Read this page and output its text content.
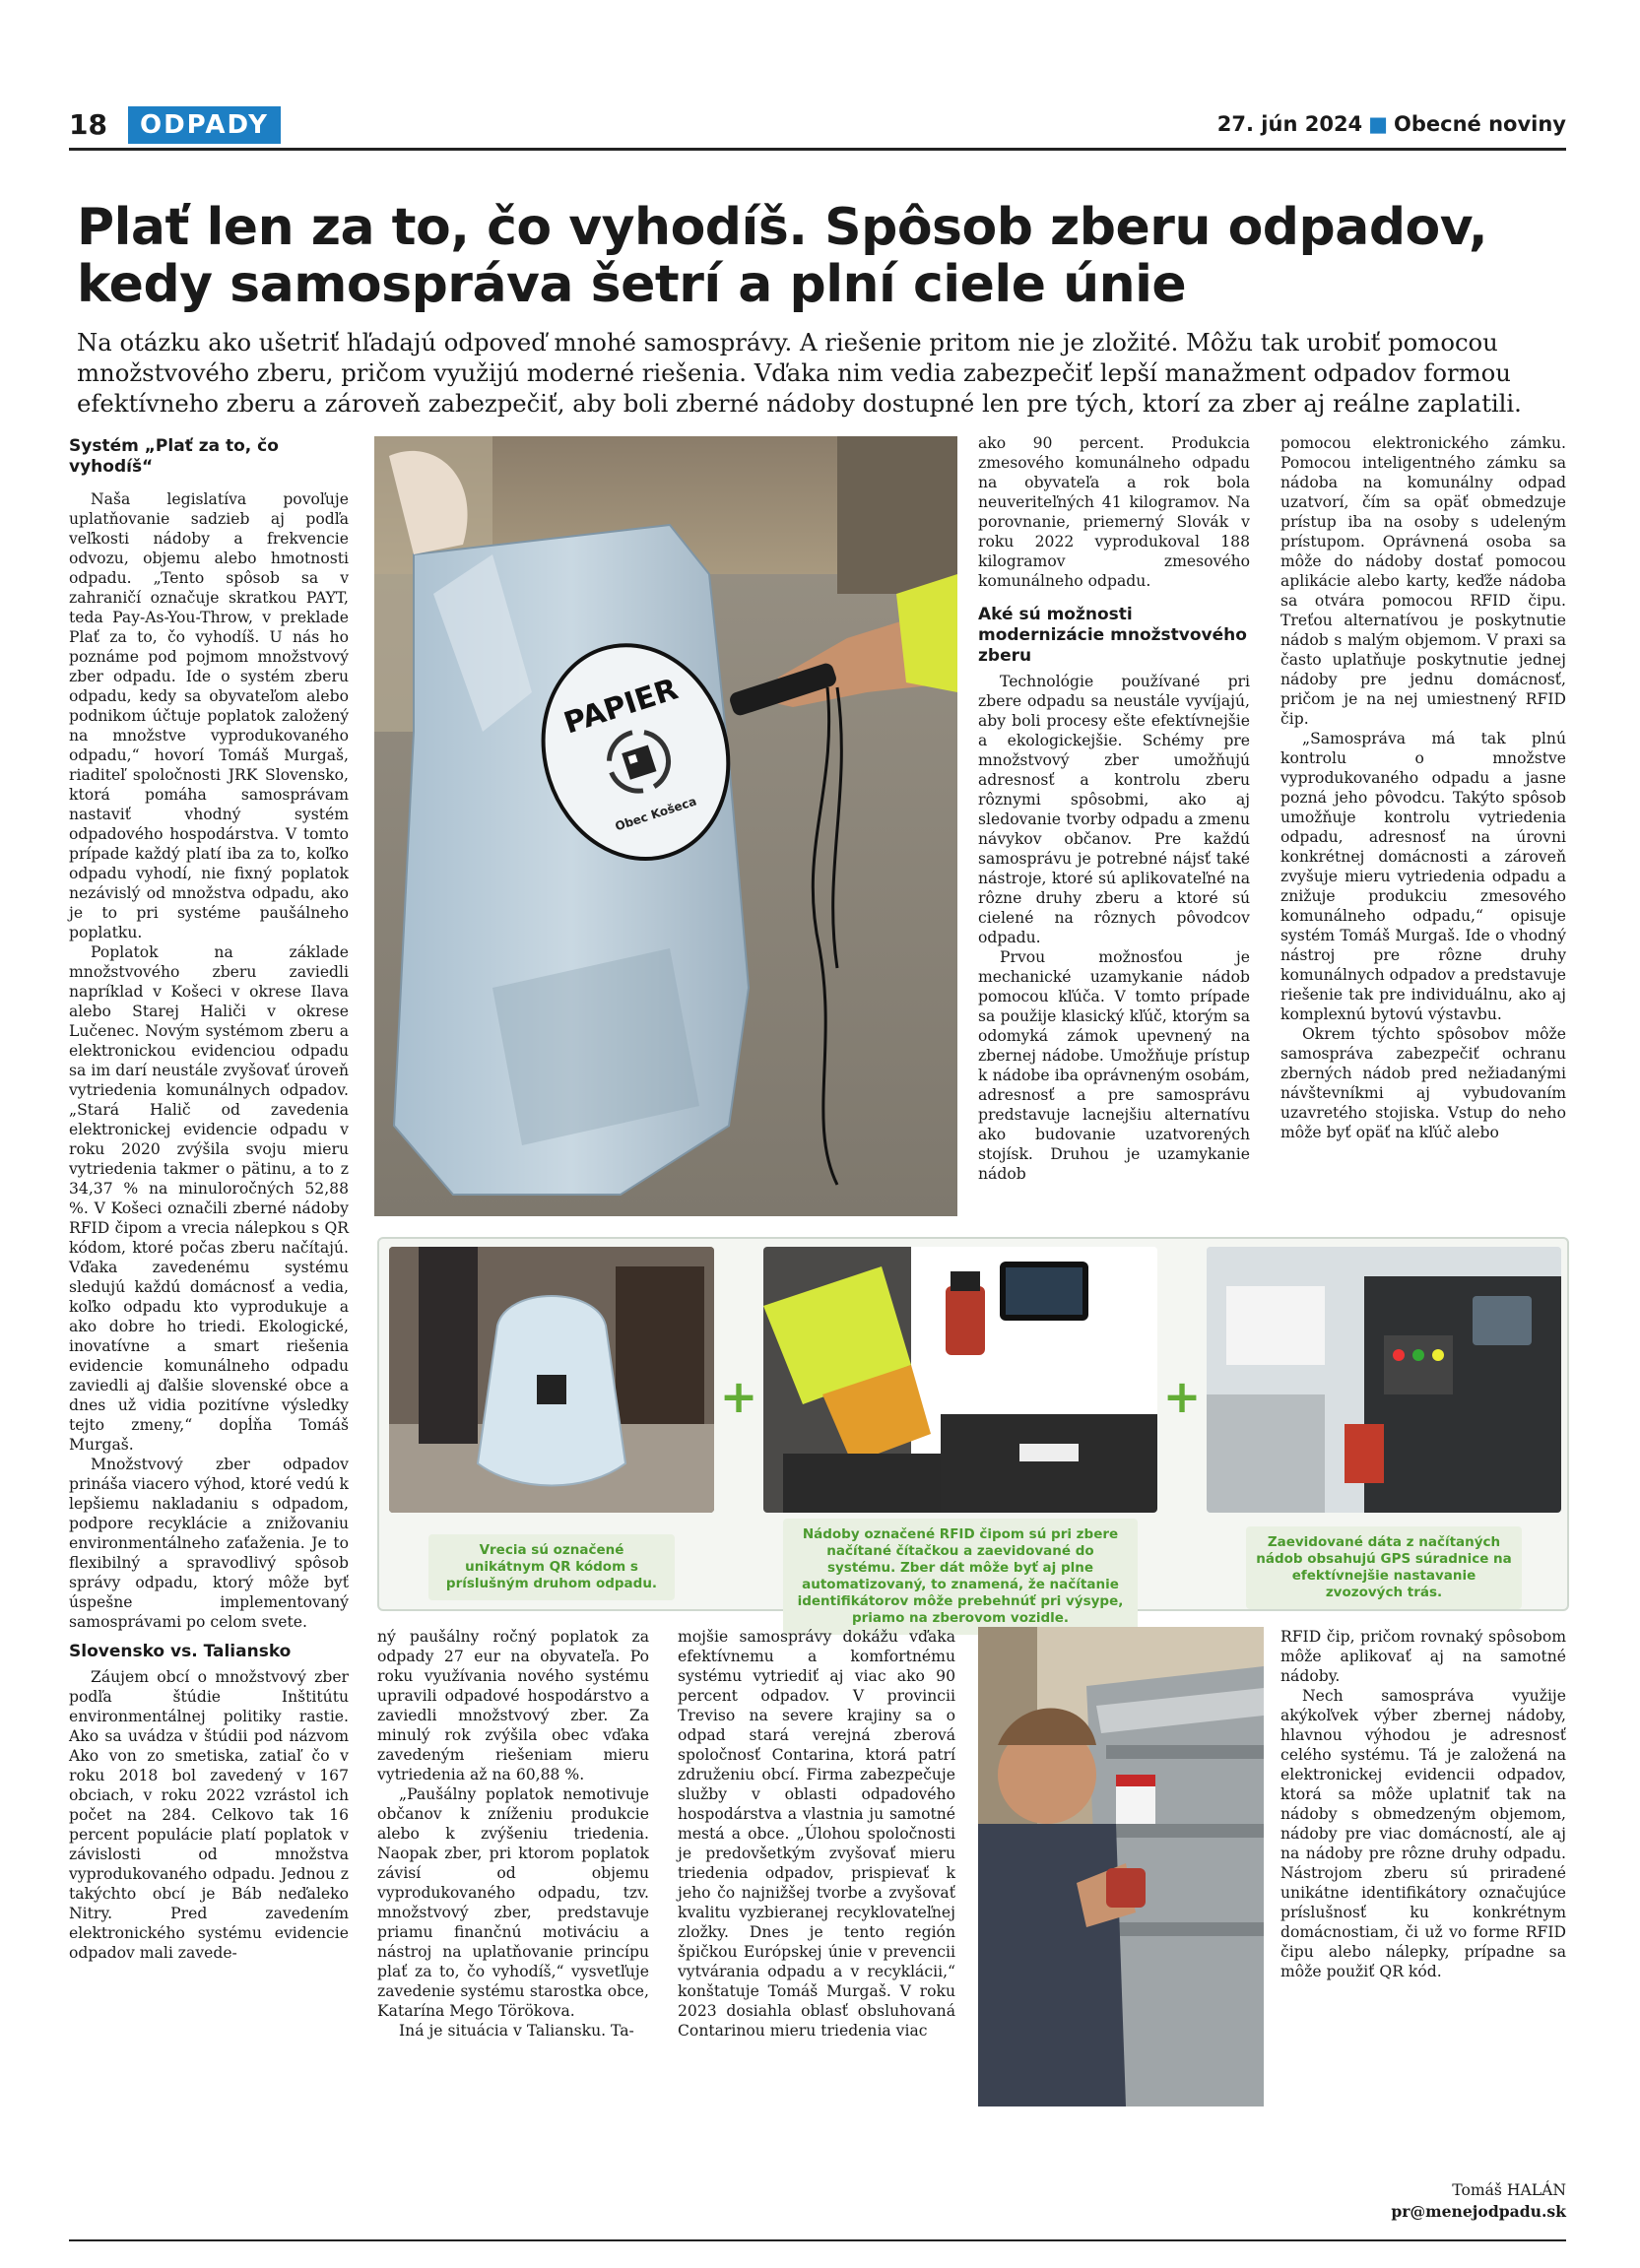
18	ODPADY	27. jún 2024 ■ Obecné noviny
Plať len za to, čo vyhodíš. Spôsob zberu odpadov, kedy samospráva šetrí a plní ciele únie

Na otázku ako ušetriť hľadajú odpoveď mnohé samosprávy. A riešenie pritom nie je zložité. Môžu tak urobiť pomocou množstvového zberu, pričom využijú moderné riešenia. Vďaka nim vedia zabezpečiť lepší manažment odpadov formou efektívneho zberu a zároveň zabezpečiť, aby boli zberné nádoby dostupné len pre tých, ktorí za zber aj reálne zaplatili.

Systém „Plať za to, čo vyhodíš“

Naša legislatíva povoľuje uplatňovanie sadzieb aj podľa veľkosti nádoby a frekvencie odvozu, objemu alebo hmotnosti odpadu. „Tento spôsob sa v zahraničí označuje skratkou PAYT, teda Pay-As-You-Throw, v preklade Plať za to, čo vyhodíš. U nás ho poznáme pod pojmom množstvový zber odpadu. Ide o systém zberu odpadu, kedy sa obyvateľom alebo podnikom účtuje poplatok založený na množstve vyprodukovaného odpadu,“ hovorí Tomáš Murgaš, riaditeľ spoločnosti JRK Slovensko, ktorá pomáha samosprávam nastaviť vhodný systém odpadového hospodárstva. V tomto prípade každý platí iba za to, koľko odpadu vyhodí, nie fixný poplatok nezávislý od množstva odpadu, ako je to pri systéme paušálneho poplatku.

Poplatok na základe množstvového zberu zaviedli napríklad v Košeci v okrese Ilava alebo Starej Haliči v okrese Lučenec. Novým systémom zberu a elektronickou evidenciou odpadu sa im darí neustále zvyšovať úroveň vytriedenia komunálnych odpadov. „Stará Halič od zavedenia elektronickej evidencie odpadu v roku 2020 zvýšila svoju mieru vytriedenia takmer o pätinu, a to z 34,37 % na minuloročných 52,88 %. V Košeci označili zberné nádoby RFID čipom a vrecia nálepkou s QR kódom, ktoré počas zberu načítajú. Vďaka zavedenému systému sledujú každú domácnosť a vedia, koľko odpadu kto vyprodukuje a ako dobre ho triedi. Ekologické, inovatívne a smart riešenia evidencie komunálneho odpadu zaviedli aj ďalšie slovenské obce a dnes už vidia pozitívne výsledky tejto zmeny,“ dopĺňa Tomáš Murgaš.

Množstvový zber odpadov prináša viacero výhod, ktoré vedú k lepšiemu nakladaniu s odpadom, podpore recyklácie a znižovaniu environmentálneho zaťaženia. Je to flexibilný a spravodlivý spôsob správy odpadu, ktorý môže byť úspešne implementovaný samosprávami po celom svete.

Slovensko vs. Taliansko

Záujem obcí o množstvový zber podľa štúdie Inštitútu environmentálnej politiky rastie. Ako sa uvádza v štúdii pod názvom Ako von zo smetiska, zatiaľ čo v roku 2018 bol zavedený v 167 obciach, v roku 2022 vzrástol ich počet na 284. Celkovo tak 16 percent populácie platí poplatok v závislosti od množstva vyprodukovaného odpadu. Jednou z takýchto obcí je Báb neďaleko Nitry. Pred zavedením elektronického systému evidencie odpadov mali zavede-

PAPIER
Obec Košeca

ako 90 percent. Produkcia zmesového komunálneho odpadu na obyvateľa a rok bola neuveriteľných 41 kilogramov. Na porovnanie, priemerný Slovák v roku 2022 vyprodukoval 188 kilogramov zmesového komunálneho odpadu.

Aké sú možnosti modernizácie množstvového zberu

Technológie používané pri zbere odpadu sa neustále vyvíjajú, aby boli procesy ešte efektívnejšie a ekologickejšie. Schémy pre množstvový zber umožňujú adresnosť a kontrolu zberu rôznymi spôsobmi, ako aj sledovanie tvorby odpadu a zmenu návykov občanov. Pre každú samosprávu je potrebné nájsť také nástroje, ktoré sú aplikovateľné na rôzne druhy zberu a ktoré sú cielené na rôznych pôvodcov odpadu.

Prvou možnosťou je mechanické uzamykanie nádob pomocou kľúča. V tomto prípade sa použije klasický kľúč, ktorým sa odomyká zámok upevnený na zbernej nádobe. Umožňuje prístup k nádobe iba oprávneným osobám, adresnosť a pre samosprávu predstavuje lacnejšiu alternatívu ako budovanie uzatvorených stojísk. Druhou je uzamykanie nádob

pomocou elektronického zámku. Pomocou inteligentného zámku sa nádoba na komunálny odpad uzatvorí, čím sa opäť obmedzuje prístup iba na osoby s udeleným prístupom. Oprávnená osoba sa môže do nádoby dostať pomocou aplikácie alebo karty, keďže nádoba sa otvára pomocou RFID čipu. Treťou alternatívou je poskytnutie nádob s malým objemom. V praxi sa často uplatňuje poskytnutie jednej nádoby pre jednu domácnosť, pričom je na nej umiestnený RFID čip.

„Samospráva má tak plnú kontrolu o množstve vyprodukovaného odpadu a jasne pozná jeho pôvodcu. Takýto spôsob umožňuje kontrolu vytriedenia odpadu, adresnosť na úrovni konkrétnej domácnosti a zároveň zvyšuje mieru vytriedenia odpadu a znižuje produkciu zmesového komunálneho odpadu,“ opisuje systém Tomáš Murgaš. Ide o vhodný nástroj pre rôzne druhy komunálnych odpadov a predstavuje riešenie tak pre individuálnu, ako aj komplexnú bytovú výstavbu.

Okrem týchto spôsobov môže samospráva zabezpečiť ochranu zberných nádob pred nežiadanými návštevníkmi aj vybudovaním uzavretého stojiska. Vstup do neho môže byť opäť na kľúč alebo

+	+
Vrecia sú označené unikátnym QR kódom s príslušným druhom odpadu.
Nádoby označené RFID čipom sú pri zbere načítané čítačkou a zaevidované do systému. Zber dát môže byť aj plne automatizovaný, to znamená, že načítanie identifikátorov môže prebehnúť pri výsype, priamo na zberovom vozidle.
Zaevidované dáta z načítaných nádob obsahujú GPS súradnice na efektívnejšie nastavanie zvozových trás.

ný paušálny ročný poplatok za odpady 27 eur na obyvateľa. Po roku využívania nového systému upravili odpadové hospodárstvo a zaviedli množstvový zber. Za minulý rok zvýšila obec vďaka zavedeným riešeniam mieru vytriedenia až na 60,88 %.

„Paušálny poplatok nemotivuje občanov k zníženiu produkcie alebo k zvýšeniu triedenia. Naopak zber, pri ktorom poplatok závisí od objemu vyprodukovaného odpadu, tzv. množstvový zber, predstavuje priamu finančnú motiváciu a nástroj na uplatňovanie princípu plať za to, čo vyhodíš,“ vysvetľuje zavedenie systému starostka obce, Katarína Mego Törökova.

Iná je situácia v Taliansku. Ta-

mojšie samosprávy dokážu vďaka efektívnemu a komfortnému systému vytriediť aj viac ako 90 percent odpadov. V provincii Treviso na severe krajiny sa o odpad stará verejná zberová spoločnosť Contarina, ktorá patrí združeniu obcí. Firma zabezpečuje služby v oblasti odpadového hospodárstva a vlastnia ju samotné mestá a obce. „Úlohou spoločnosti je predovšetkým zvyšovať mieru triedenia odpadov, prispievať k jeho čo najnižšej tvorbe a zvyšovať kvalitu vyzbieranej recyklovateľnej zložky. Dnes je tento región špičkou Európskej únie v prevencii vytvárania odpadu a v recyklácii,“ konštatuje Tomáš Murgaš. V roku 2023 dosiahla oblasť obsluhovaná Contarinou mieru triedenia viac

RFID čip, pričom rovnaký spôsobom môže aplikovať aj na samotné nádoby.

Nech samospráva využije akýkoľvek výber zbernej nádoby, hlavnou výhodou je adresnosť celého systému. Tá je založená na elektronickej evidencii odpadov, ktorá sa môže uplatniť tak na nádoby s obmedzeným objemom, nádoby pre viac domácností, ale aj na nádoby pre rôzne druhy odpadu. Nástrojom zberu sú priradené unikátne identifikátory označujúce príslušnosť ku konkrétnym domácnostiam, či už vo forme RFID čipu alebo nálepky, prípadne sa môže použiť QR kód.

Tomáš HALÁN
pr@menejodpadu.sk
